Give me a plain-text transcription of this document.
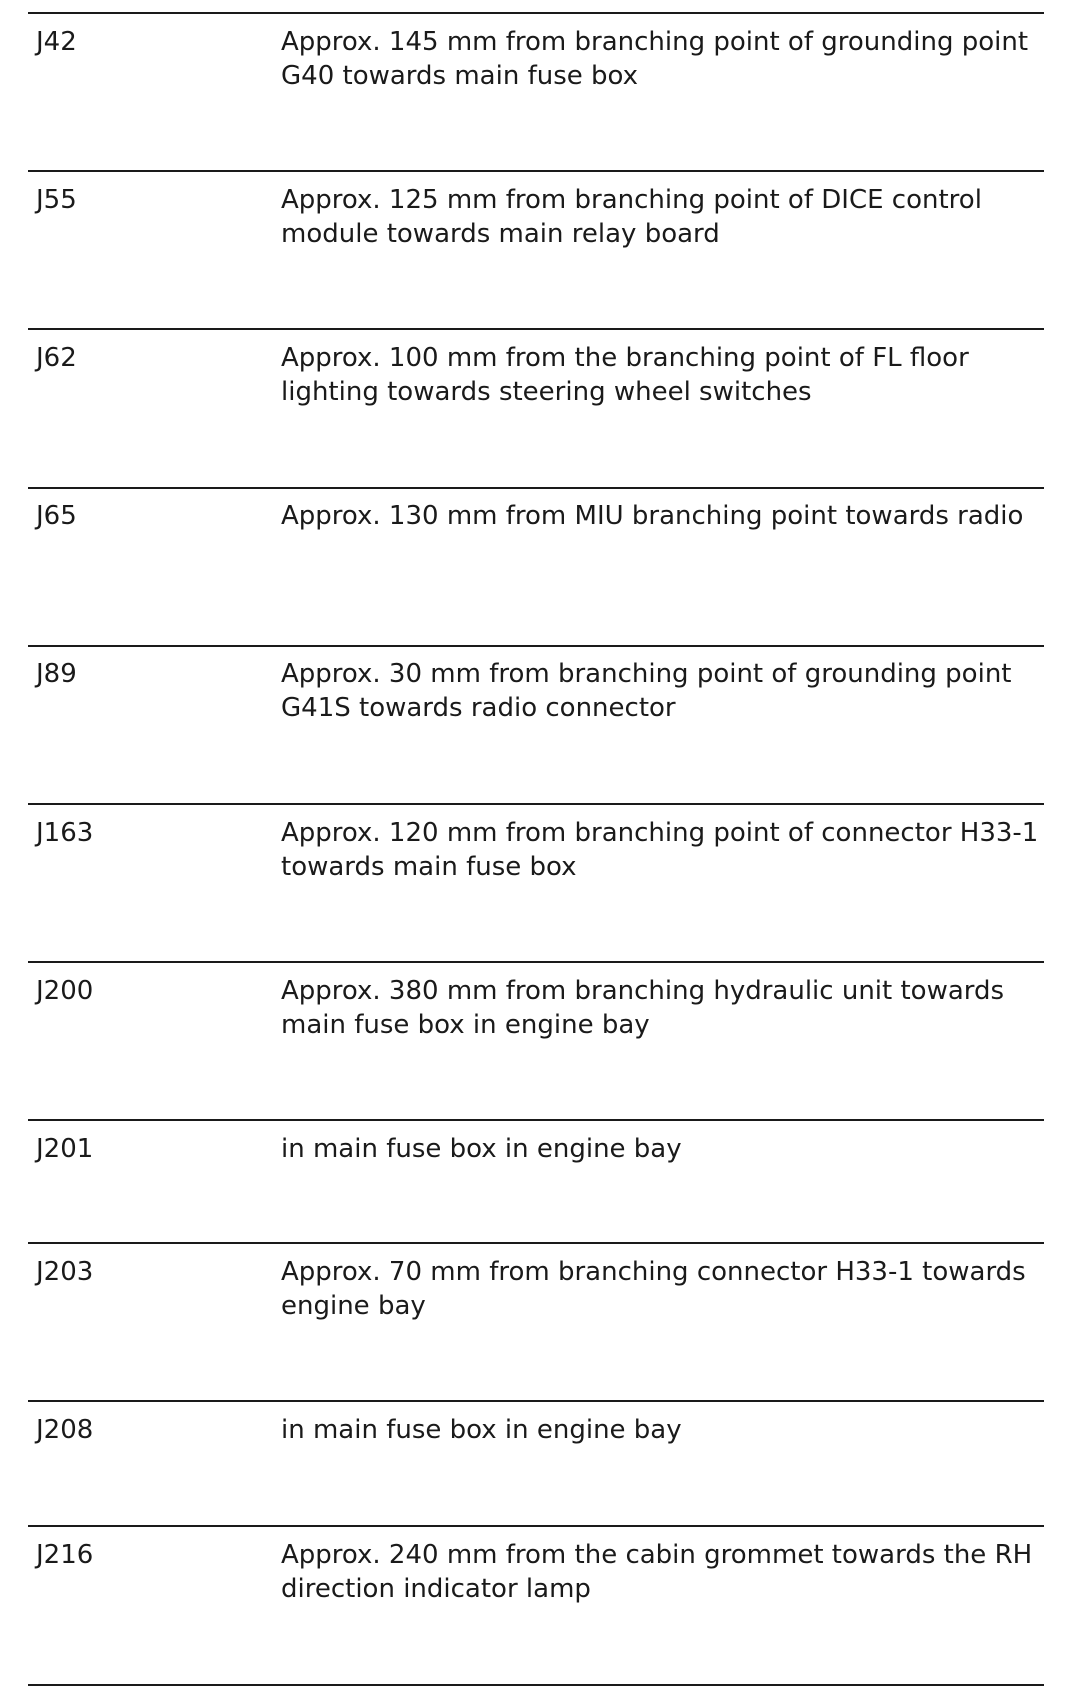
J42	Approx. 145 mm from branching point of grounding point G40 towards main fuse box
J55	Approx. 125 mm from branching point of DICE control module towards main relay board
J62	Approx. 100 mm from the branching point of FL floor lighting towards steering wheel switches
J65	Approx. 130 mm from MIU branching point towards radio
J89	Approx. 30 mm from branching point of grounding point G41S towards radio connector
J163	Approx. 120 mm from branching point of connector H33-1 towards main fuse box
J200	Approx. 380 mm from branching hydraulic unit towards main fuse box in engine bay
J201	in main fuse box in engine bay
J203	Approx. 70 mm from branching connector H33-1 towards engine bay
J208	in main fuse box in engine bay
J216	Approx. 240 mm from the cabin grommet towards the RH direction indicator lamp
